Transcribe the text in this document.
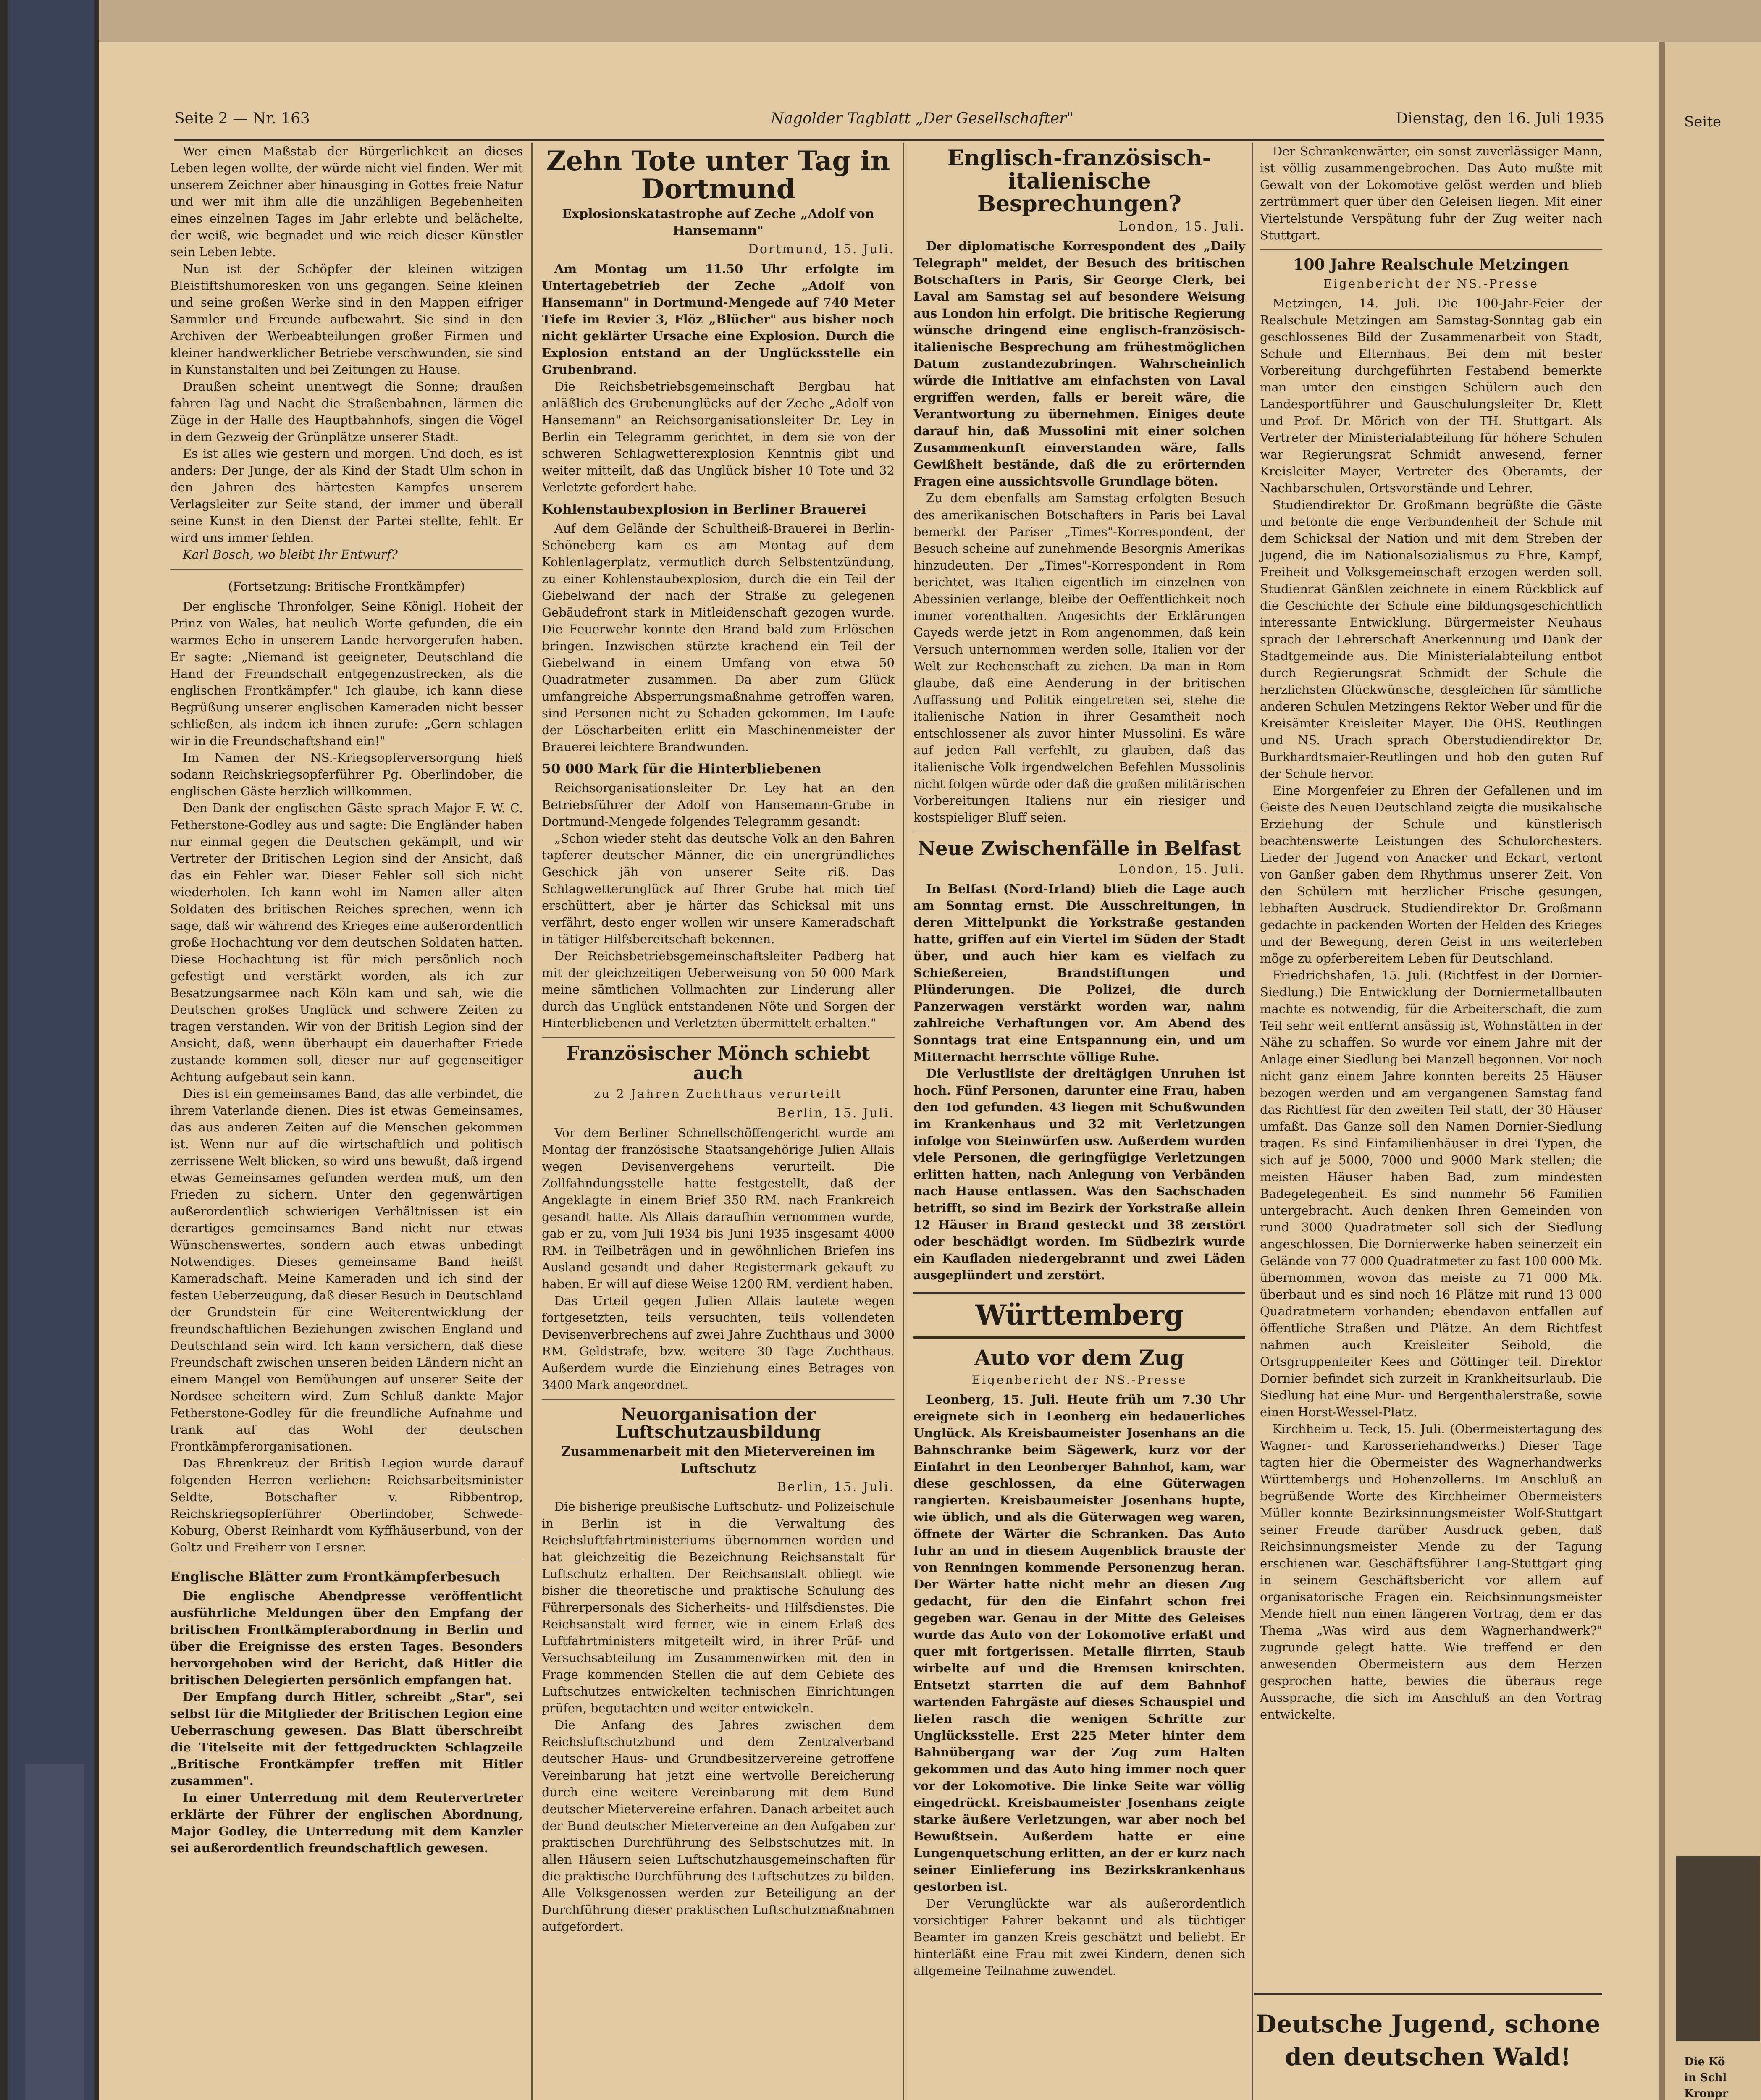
Seite 2 — Nr. 163	Nagolder Tagblatt „Der Gesellschafter"	Dienstag, den 16. Juli 1935

Wer einen Maßstab der Bürgerlichkeit an dieses Leben legen wollte, der würde nicht viel finden. Wer mit unserem Zeichner aber hinausging in Gottes freie Natur und wer mit ihm alle die unzähligen Begebenheiten eines einzelnen Tages im Jahr erlebte und belächelte, der weiß, wie begnadet und wie reich dieser Künstler sein Leben lebte.

Nun ist der Schöpfer der kleinen witzigen Bleistiftshumoresken von uns gegangen. Seine kleinen und seine großen Werke sind in den Mappen eifriger Sammler und Freunde aufbewahrt. Sie sind in den Archiven der Werbeabteilungen großer Firmen und kleiner handwerklicher Betriebe verschwunden, sie sind in Kunstanstalten und bei Zeitungen zu Hause.

Draußen scheint unentwegt die Sonne; draußen fahren Tag und Nacht die Straßenbahnen, lärmen die Züge in der Halle des Hauptbahnhofs, singen die Vögel in dem Gezweig der Grünplätze unserer Stadt.

Es ist alles wie gestern und morgen. Und doch, es ist anders: Der Junge, der als Kind der Stadt Ulm schon in den Jahren des härtesten Kampfes unserem Verlagsleiter zur Seite stand, der immer und überall seine Kunst in den Dienst der Partei stellte, fehlt. Er wird uns immer fehlen.

Karl Bosch, wo bleibt Ihr Entwurf?

(Fortsetzung: Britische Frontkämpfer)

Der englische Thronfolger, Seine Königl. Hoheit der Prinz von Wales, hat neulich Worte gefunden, die ein warmes Echo in unserem Lande hervorgerufen haben. Er sagte: „Niemand ist geeigneter, Deutschland die Hand der Freundschaft entgegenzustrecken, als die englischen Frontkämpfer." Ich glaube, ich kann diese Begrüßung unserer englischen Kameraden nicht besser schließen, als indem ich ihnen zurufe: „Gern schlagen wir in die Freundschaftshand ein!"

Im Namen der NS.-Kriegsopferversorgung hieß sodann Reichskriegsopferführer Pg. Oberlindober, die englischen Gäste herzlich willkommen.

Den Dank der englischen Gäste sprach Major F. W. C. Fetherstone-Godley aus und sagte: Die Engländer haben nur einmal gegen die Deutschen gekämpft, und wir Vertreter der Britischen Legion sind der Ansicht, daß das ein Fehler war. Dieser Fehler soll sich nicht wiederholen. Ich kann wohl im Namen aller alten Soldaten des britischen Reiches sprechen, wenn ich sage, daß wir während des Krieges eine außerordentlich große Hochachtung vor dem deutschen Soldaten hatten. Diese Hochachtung ist für mich persönlich noch gefestigt und verstärkt worden, als ich zur Besatzungsarmee nach Köln kam und sah, wie die Deutschen großes Unglück und schwere Zeiten zu tragen verstanden. Wir von der British Legion sind der Ansicht, daß, wenn überhaupt ein dauerhafter Friede zustande kommen soll, dieser nur auf gegenseitiger Achtung aufgebaut sein kann.

Dies ist ein gemeinsames Band, das alle verbindet, die ihrem Vaterlande dienen. Dies ist etwas Gemeinsames, das aus anderen Zeiten auf die Menschen gekommen ist. Wenn nur auf die wirtschaftlich und politisch zerrissene Welt blicken, so wird uns bewußt, daß irgend etwas Gemeinsames gefunden werden muß, um den Frieden zu sichern. Unter den gegenwärtigen außerordentlich schwierigen Verhältnissen ist ein derartiges gemeinsames Band nicht nur etwas Wünschenswertes, sondern auch etwas unbedingt Notwendiges. Dieses gemeinsame Band heißt Kameradschaft. Meine Kameraden und ich sind der festen Ueberzeugung, daß dieser Besuch in Deutschland der Grundstein für eine Weiterentwicklung der freundschaftlichen Beziehungen zwischen England und Deutschland sein wird. Ich kann versichern, daß diese Freundschaft zwischen unseren beiden Ländern nicht an einem Mangel von Bemühungen auf unserer Seite der Nordsee scheitern wird. Zum Schluß dankte Major Fetherstone-Godley für die freundliche Aufnahme und trank auf das Wohl der deutschen Frontkämpferorganisationen.

Das Ehrenkreuz der British Legion wurde darauf folgenden Herren verliehen: Reichsarbeitsminister Seldte, Botschafter v. Ribbentrop, Reichskriegsopferführer Oberlindober, Schwede-Koburg, Oberst Reinhardt vom Kyffhäuserbund, von der Goltz und Freiherr von Lersner.

Englische Blätter zum Frontkämpferbesuch

Die englische Abendpresse veröffentlicht ausführliche Meldungen über den Empfang der britischen Frontkämpferabordnung in Berlin und über die Ereignisse des ersten Tages. Besonders hervorgehoben wird der Bericht, daß Hitler die britischen Delegierten persönlich empfangen hat.

Der Empfang durch Hitler, schreibt „Star", sei selbst für die Mitglieder der Britischen Legion eine Ueberraschung gewesen. Das Blatt überschreibt die Titelseite mit der fettgedruckten Schlagzeile „Britische Frontkämpfer treffen mit Hitler zusammen".

In einer Unterredung mit dem Reutervertreter erklärte der Führer der englischen Abordnung, Major Godley, die Unterredung mit dem Kanzler sei außerordentlich freundschaftlich gewesen.

Zehn Tote unter Tag in Dortmund
Explosionskatastrophe auf Zeche „Adolf von Hansemann"
Dortmund, 15. Juli.

Am Montag um 11.50 Uhr erfolgte im Untertagebetrieb der Zeche „Adolf von Hansemann" in Dortmund-Mengede auf 740 Meter Tiefe im Revier 3, Flöz „Blücher" aus bisher noch nicht geklärter Ursache eine Explosion. Durch die Explosion entstand an der Unglücksstelle ein Grubenbrand.

Die Reichsbetriebsgemeinschaft Bergbau hat anläßlich des Grubenunglücks auf der Zeche „Adolf von Hansemann" an Reichsorganisationsleiter Dr. Ley in Berlin ein Telegramm gerichtet, in dem sie von der schweren Schlagwetterexplosion Kenntnis gibt und weiter mitteilt, daß das Unglück bisher 10 Tote und 32 Verletzte gefordert habe.

Kohlenstaubexplosion in Berliner Brauerei

Auf dem Gelände der Schultheiß-Brauerei in Berlin-Schöneberg kam es am Montag auf dem Kohlenlagerplatz, vermutlich durch Selbstentzündung, zu einer Kohlenstaubexplosion, durch die ein Teil der Giebelwand der nach der Straße zu gelegenen Gebäudefront stark in Mitleidenschaft gezogen wurde. Die Feuerwehr konnte den Brand bald zum Erlöschen bringen. Inzwischen stürzte krachend ein Teil der Giebelwand in einem Umfang von etwa 50 Quadratmeter zusammen. Da aber zum Glück umfangreiche Absperrungsmaßnahme getroffen waren, sind Personen nicht zu Schaden gekommen. Im Laufe der Löscharbeiten erlitt ein Maschinenmeister der Brauerei leichtere Brandwunden.

50 000 Mark für die Hinterbliebenen

Reichsorganisationsleiter Dr. Ley hat an den Betriebsführer der Adolf von Hansemann-Grube in Dortmund-Mengede folgendes Telegramm gesandt:

„Schon wieder steht das deutsche Volk an den Bahren tapferer deutscher Männer, die ein unergründliches Geschick jäh von unserer Seite riß. Das Schlagwetterunglück auf Ihrer Grube hat mich tief erschüttert, aber je härter das Schicksal mit uns verfährt, desto enger wollen wir unsere Kameradschaft in tätiger Hilfsbereitschaft bekennen.

Der Reichsbetriebsgemeinschaftsleiter Padberg hat mit der gleichzeitigen Ueberweisung von 50 000 Mark meine sämtlichen Vollmachten zur Linderung aller durch das Unglück entstandenen Nöte und Sorgen der Hinterbliebenen und Verletzten übermittelt erhalten."

Französischer Mönch schiebt auch
zu 2 Jahren Zuchthaus verurteilt
Berlin, 15. Juli.

Vor dem Berliner Schnellschöffengericht wurde am Montag der französische Staatsangehörige Julien Allais wegen Devisenvergehens verurteilt. Die Zollfahndungsstelle hatte festgestellt, daß der Angeklagte in einem Brief 350 RM. nach Frankreich gesandt hatte. Als Allais daraufhin vernommen wurde, gab er zu, vom Juli 1934 bis Juni 1935 insgesamt 4000 RM. in Teilbeträgen und in gewöhnlichen Briefen ins Ausland gesandt und daher Registermark gekauft zu haben. Er will auf diese Weise 1200 RM. verdient haben.

Das Urteil gegen Julien Allais lautete wegen fortgesetzten, teils versuchten, teils vollendeten Devisenverbrechens auf zwei Jahre Zuchthaus und 3000 RM. Geldstrafe, bzw. weitere 30 Tage Zuchthaus. Außerdem wurde die Einziehung eines Betrages von 3400 Mark angeordnet.

Neuorganisation der Luftschutzausbildung
Zusammenarbeit mit den Mietervereinen im Luftschutz
Berlin, 15. Juli.

Die bisherige preußische Luftschutz- und Polizeischule in Berlin ist in die Verwaltung des Reichsluftfahrtministeriums übernommen worden und hat gleichzeitig die Bezeichnung Reichsanstalt für Luftschutz erhalten. Der Reichsanstalt obliegt wie bisher die theoretische und praktische Schulung des Führerpersonals des Sicherheits- und Hilfsdienstes. Die Reichsanstalt wird ferner, wie in einem Erlaß des Luftfahrtministers mitgeteilt wird, in ihrer Prüf- und Versuchsabteilung im Zusammenwirken mit den in Frage kommenden Stellen die auf dem Gebiete des Luftschutzes entwickelten technischen Einrichtungen prüfen, begutachten und weiter entwickeln.

Die Anfang des Jahres zwischen dem Reichsluftschutzbund und dem Zentralverband deutscher Haus- und Grundbesitzervereine getroffene Vereinbarung hat jetzt eine wertvolle Bereicherung durch eine weitere Vereinbarung mit dem Bund deutscher Mietervereine erfahren. Danach arbeitet auch der Bund deutscher Mietervereine an den Aufgaben zur praktischen Durchführung des Selbstschutzes mit. In allen Häusern seien Luftschutzhausgemeinschaften für die praktische Durchführung des Luftschutzes zu bilden. Alle Volksgenossen werden zur Beteiligung an der Durchführung dieser praktischen Luftschutzmaßnahmen aufgefordert.

Englisch-französisch-italienische Besprechungen?
London, 15. Juli.

Der diplomatische Korrespondent des „Daily Telegraph" meldet, der Besuch des britischen Botschafters in Paris, Sir George Clerk, bei Laval am Samstag sei auf besondere Weisung aus London hin erfolgt. Die britische Regierung wünsche dringend eine englisch-französisch-italienische Besprechung am frühestmöglichen Datum zustandezubringen. Wahrscheinlich würde die Initiative am einfachsten von Laval ergriffen werden, falls er bereit wäre, die Verantwortung zu übernehmen. Einiges deute darauf hin, daß Mussolini mit einer solchen Zusammenkunft einverstanden wäre, falls Gewißheit bestände, daß die zu erörternden Fragen eine aussichtsvolle Grundlage böten.

Zu dem ebenfalls am Samstag erfolgten Besuch des amerikanischen Botschafters in Paris bei Laval bemerkt der Pariser „Times"-Korrespondent, der Besuch scheine auf zunehmende Besorgnis Amerikas hinzudeuten. Der „Times"-Korrespondent in Rom berichtet, was Italien eigentlich im einzelnen von Abessinien verlange, bleibe der Oeffentlichkeit noch immer vorenthalten. Angesichts der Erklärungen Gayeds werde jetzt in Rom angenommen, daß kein Versuch unternommen werden solle, Italien vor der Welt zur Rechenschaft zu ziehen. Da man in Rom glaube, daß eine Aenderung in der britischen Auffassung und Politik eingetreten sei, stehe die italienische Nation in ihrer Gesamtheit noch entschlossener als zuvor hinter Mussolini. Es wäre auf jeden Fall verfehlt, zu glauben, daß das italienische Volk irgendwelchen Befehlen Mussolinis nicht folgen würde oder daß die großen militärischen Vorbereitungen Italiens nur ein riesiger und kostspieliger Bluff seien.

Neue Zwischenfälle in Belfast
London, 15. Juli.

In Belfast (Nord-Irland) blieb die Lage auch am Sonntag ernst. Die Ausschreitungen, in deren Mittelpunkt die Yorkstraße gestanden hatte, griffen auf ein Viertel im Süden der Stadt über, und auch hier kam es vielfach zu Schießereien, Brandstiftungen und Plünderungen. Die Polizei, die durch Panzerwagen verstärkt worden war, nahm zahlreiche Verhaftungen vor. Am Abend des Sonntags trat eine Entspannung ein, und um Mitternacht herrschte völlige Ruhe.

Die Verlustliste der dreitägigen Unruhen ist hoch. Fünf Personen, darunter eine Frau, haben den Tod gefunden. 43 liegen mit Schußwunden im Krankenhaus und 32 mit Verletzungen infolge von Steinwürfen usw. Außerdem wurden viele Personen, die geringfügige Verletzungen erlitten hatten, nach Anlegung von Verbänden nach Hause entlassen. Was den Sachschaden betrifft, so sind im Bezirk der Yorkstraße allein 12 Häuser in Brand gesteckt und 38 zerstört oder beschädigt worden. Im Südbezirk wurde ein Kaufladen niedergebrannt und zwei Läden ausgeplündert und zerstört.

Württemberg
Auto vor dem Zug
Eigenbericht der NS.-Presse

Leonberg, 15. Juli. Heute früh um 7.30 Uhr ereignete sich in Leonberg ein bedauerliches Unglück. Als Kreisbaumeister Josenhans an die Bahnschranke beim Sägewerk, kurz vor der Einfahrt in den Leonberger Bahnhof, kam, war diese geschlossen, da eine Güterwagen rangierten. Kreisbaumeister Josenhans hupte, wie üblich, und als die Güterwagen weg waren, öffnete der Wärter die Schranken. Das Auto fuhr an und in diesem Augenblick brauste der von Renningen kommende Personenzug heran. Der Wärter hatte nicht mehr an diesen Zug gedacht, für den die Einfahrt schon frei gegeben war. Genau in der Mitte des Geleises wurde das Auto von der Lokomotive erfaßt und quer mit fortgerissen. Metalle flirrten, Staub wirbelte auf und die Bremsen knirschten. Entsetzt starrten die auf dem Bahnhof wartenden Fahrgäste auf dieses Schauspiel und liefen rasch die wenigen Schritte zur Unglücksstelle. Erst 225 Meter hinter dem Bahnübergang war der Zug zum Halten gekommen und das Auto hing immer noch quer vor der Lokomotive. Die linke Seite war völlig eingedrückt. Kreisbaumeister Josenhans zeigte starke äußere Verletzungen, war aber noch bei Bewußtsein. Außerdem hatte er eine Lungenquetschung erlitten, an der er kurz nach seiner Einlieferung ins Bezirkskrankenhaus gestorben ist.

Der Verunglückte war als außerordentlich vorsichtiger Fahrer bekannt und als tüchtiger Beamter im ganzen Kreis geschätzt und beliebt. Er hinterläßt eine Frau mit zwei Kindern, denen sich allgemeine Teilnahme zuwendet.

Der Schrankenwärter, ein sonst zuverlässiger Mann, ist völlig zusammengebrochen. Das Auto mußte mit Gewalt von der Lokomotive gelöst werden und blieb zertrümmert quer über den Geleisen liegen. Mit einer Viertelstunde Verspätung fuhr der Zug weiter nach Stuttgart.

100 Jahre Realschule Metzingen
Eigenbericht der NS.-Presse

Metzingen, 14. Juli. Die 100-Jahr-Feier der Realschule Metzingen am Samstag-Sonntag gab ein geschlossenes Bild der Zusammenarbeit von Stadt, Schule und Elternhaus. Bei dem mit bester Vorbereitung durchgeführten Festabend bemerkte man unter den einstigen Schülern auch den Landesportführer und Gauschulungsleiter Dr. Klett und Prof. Dr. Mörich von der TH. Stuttgart. Als Vertreter der Ministerialabteilung für höhere Schulen war Regierungsrat Schmidt anwesend, ferner Kreisleiter Mayer, Vertreter des Oberamts, der Nachbarschulen, Ortsvorstände und Lehrer.

Studiendirektor Dr. Großmann begrüßte die Gäste und betonte die enge Verbundenheit der Schule mit dem Schicksal der Nation und mit dem Streben der Jugend, die im Nationalsozialismus zu Ehre, Kampf, Freiheit und Volksgemeinschaft erzogen werden soll. Studienrat Gänßlen zeichnete in einem Rückblick auf die Geschichte der Schule eine bildungsgeschichtlich interessante Entwicklung. Bürgermeister Neuhaus sprach der Lehrerschaft Anerkennung und Dank der Stadtgemeinde aus. Die Ministerialabteilung entbot durch Regierungsrat Schmidt der Schule die herzlichsten Glückwünsche, desgleichen für sämtliche anderen Schulen Metzingens Rektor Weber und für die Kreisämter Kreisleiter Mayer. Die OHS. Reutlingen und NS. Urach sprach Oberstudiendirektor Dr. Burkhardtsmaier-Reutlingen und hob den guten Ruf der Schule hervor.

Eine Morgenfeier zu Ehren der Gefallenen und im Geiste des Neuen Deutschland zeigte die musikalische Erziehung der Schule und künstlerisch beachtenswerte Leistungen des Schulorchesters. Lieder der Jugend von Anacker und Eckart, vertont von Ganßer gaben dem Rhythmus unserer Zeit. Von den Schülern mit herzlicher Frische gesungen, lebhaften Ausdruck. Studiendirektor Dr. Großmann gedachte in packenden Worten der Helden des Krieges und der Bewegung, deren Geist in uns weiterleben möge zu opferbereitem Leben für Deutschland.

Friedrichshafen, 15. Juli. (Richtfest in der Dornier-Siedlung.) Die Entwicklung der Dorniermetallbauten machte es notwendig, für die Arbeiterschaft, die zum Teil sehr weit entfernt ansässig ist, Wohnstätten in der Nähe zu schaffen. So wurde vor einem Jahre mit der Anlage einer Siedlung bei Manzell begonnen. Vor noch nicht ganz einem Jahre konnten bereits 25 Häuser bezogen werden und am vergangenen Samstag fand das Richtfest für den zweiten Teil statt, der 30 Häuser umfaßt. Das Ganze soll den Namen Dornier-Siedlung tragen. Es sind Einfamilienhäuser in drei Typen, die sich auf je 5000, 7000 und 9000 Mark stellen; die meisten Häuser haben Bad, zum mindesten Badegelegenheit. Es sind nunmehr 56 Familien untergebracht. Auch denken Ihren Gemeinden von rund 3000 Quadratmeter soll sich der Siedlung angeschlossen. Die Dornierwerke haben seinerzeit ein Gelände von 77 000 Quadratmeter zu fast 100 000 Mk. übernommen, wovon das meiste zu 71 000 Mk. überbaut und es sind noch 16 Plätze mit rund 13 000 Quadratmetern vorhanden; ebendavon entfallen auf öffentliche Straßen und Plätze. An dem Richtfest nahmen auch Kreisleiter Seibold, die Ortsgruppenleiter Kees und Göttinger teil. Direktor Dornier befindet sich zurzeit in Krankheitsurlaub. Die Siedlung hat eine Mur- und Bergenthalerstraße, sowie einen Horst-Wessel-Platz.

Kirchheim u. Teck, 15. Juli. (Obermeistertagung des Wagner- und Karosseriehandwerks.) Dieser Tage tagten hier die Obermeister des Wagnerhandwerks Württembergs und Hohenzollerns. Im Anschluß an begrüßende Worte des Kirchheimer Obermeisters Müller konnte Bezirksinnungsmeister Wolf-Stuttgart seiner Freude darüber Ausdruck geben, daß Reichsinnungsmeister Mende zu der Tagung erschienen war. Geschäftsführer Lang-Stuttgart ging in seinem Geschäftsbericht vor allem auf organisatorische Fragen ein. Reichsinnungsmeister Mende hielt nun einen längeren Vortrag, dem er das Thema „Was wird aus dem Wagnerhandwerk?" zugrunde gelegt hatte. Wie treffend er den anwesenden Obermeistern aus dem Herzen gesprochen hatte, bewies die überaus rege Aussprache, die sich im Anschluß an den Vortrag entwickelte.

Deutsche Jugend, schone den deutschen Wald!
Seite
Die Kö
in Schl
Kronpr
